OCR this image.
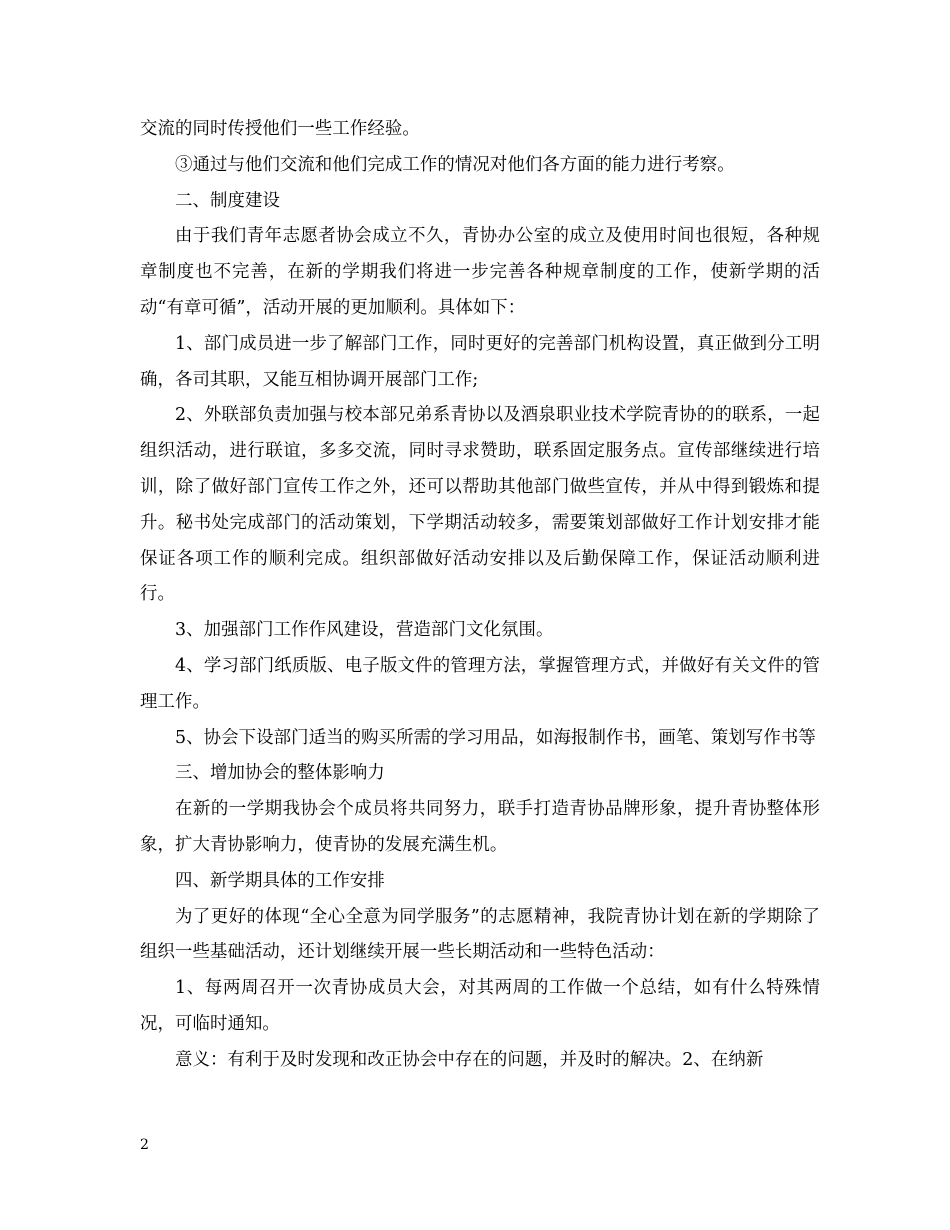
交流的同时传授他们一些工作经验。

③通过与他们交流和他们完成工作的情况对他们各方面的能力进行考察。

二、制度建设

由于我们青年志愿者协会成立不久，青协办公室的成立及使用时间也很短，各种规章制度也不完善，在新的学期我们将进一步完善各种规章制度的工作，使新学期的活动“有章可循”，活动开展的更加顺利。具体如下：

1、部门成员进一步了解部门工作，同时更好的完善部门机构设置，真正做到分工明确，各司其职，又能互相协调开展部门工作;

2、外联部负责加强与校本部兄弟系青协以及酒泉职业技术学院青协的的联系，一起组织活动，进行联谊，多多交流，同时寻求赞助，联系固定服务点。宣传部继续进行培训，除了做好部门宣传工作之外，还可以帮助其他部门做些宣传，并从中得到锻炼和提升。秘书处完成部门的活动策划，下学期活动较多，需要策划部做好工作计划安排才能保证各项工作的顺利完成。组织部做好活动安排以及后勤保障工作，保证活动顺利进行。

3、加强部门工作作风建设，营造部门文化氛围。

4、学习部门纸质版、电子版文件的管理方法，掌握管理方式，并做好有关文件的管理工作。

5、协会下设部门适当的购买所需的学习用品，如海报制作书，画笔、策划写作书等

三、增加协会的整体影响力

在新的一学期我协会个成员将共同努力，联手打造青协品牌形象，提升青协整体形象，扩大青协影响力，使青协的发展充满生机。

四、新学期具体的工作安排

为了更好的体现“全心全意为同学服务”的志愿精神，我院青协计划在新的学期除了组织一些基础活动，还计划继续开展一些长期活动和一些特色活动：

1、每两周召开一次青协成员大会，对其两周的工作做一个总结，如有什么特殊情况，可临时通知。

意义：有利于及时发现和改正协会中存在的问题，并及时的解决。2、在纳新

2
